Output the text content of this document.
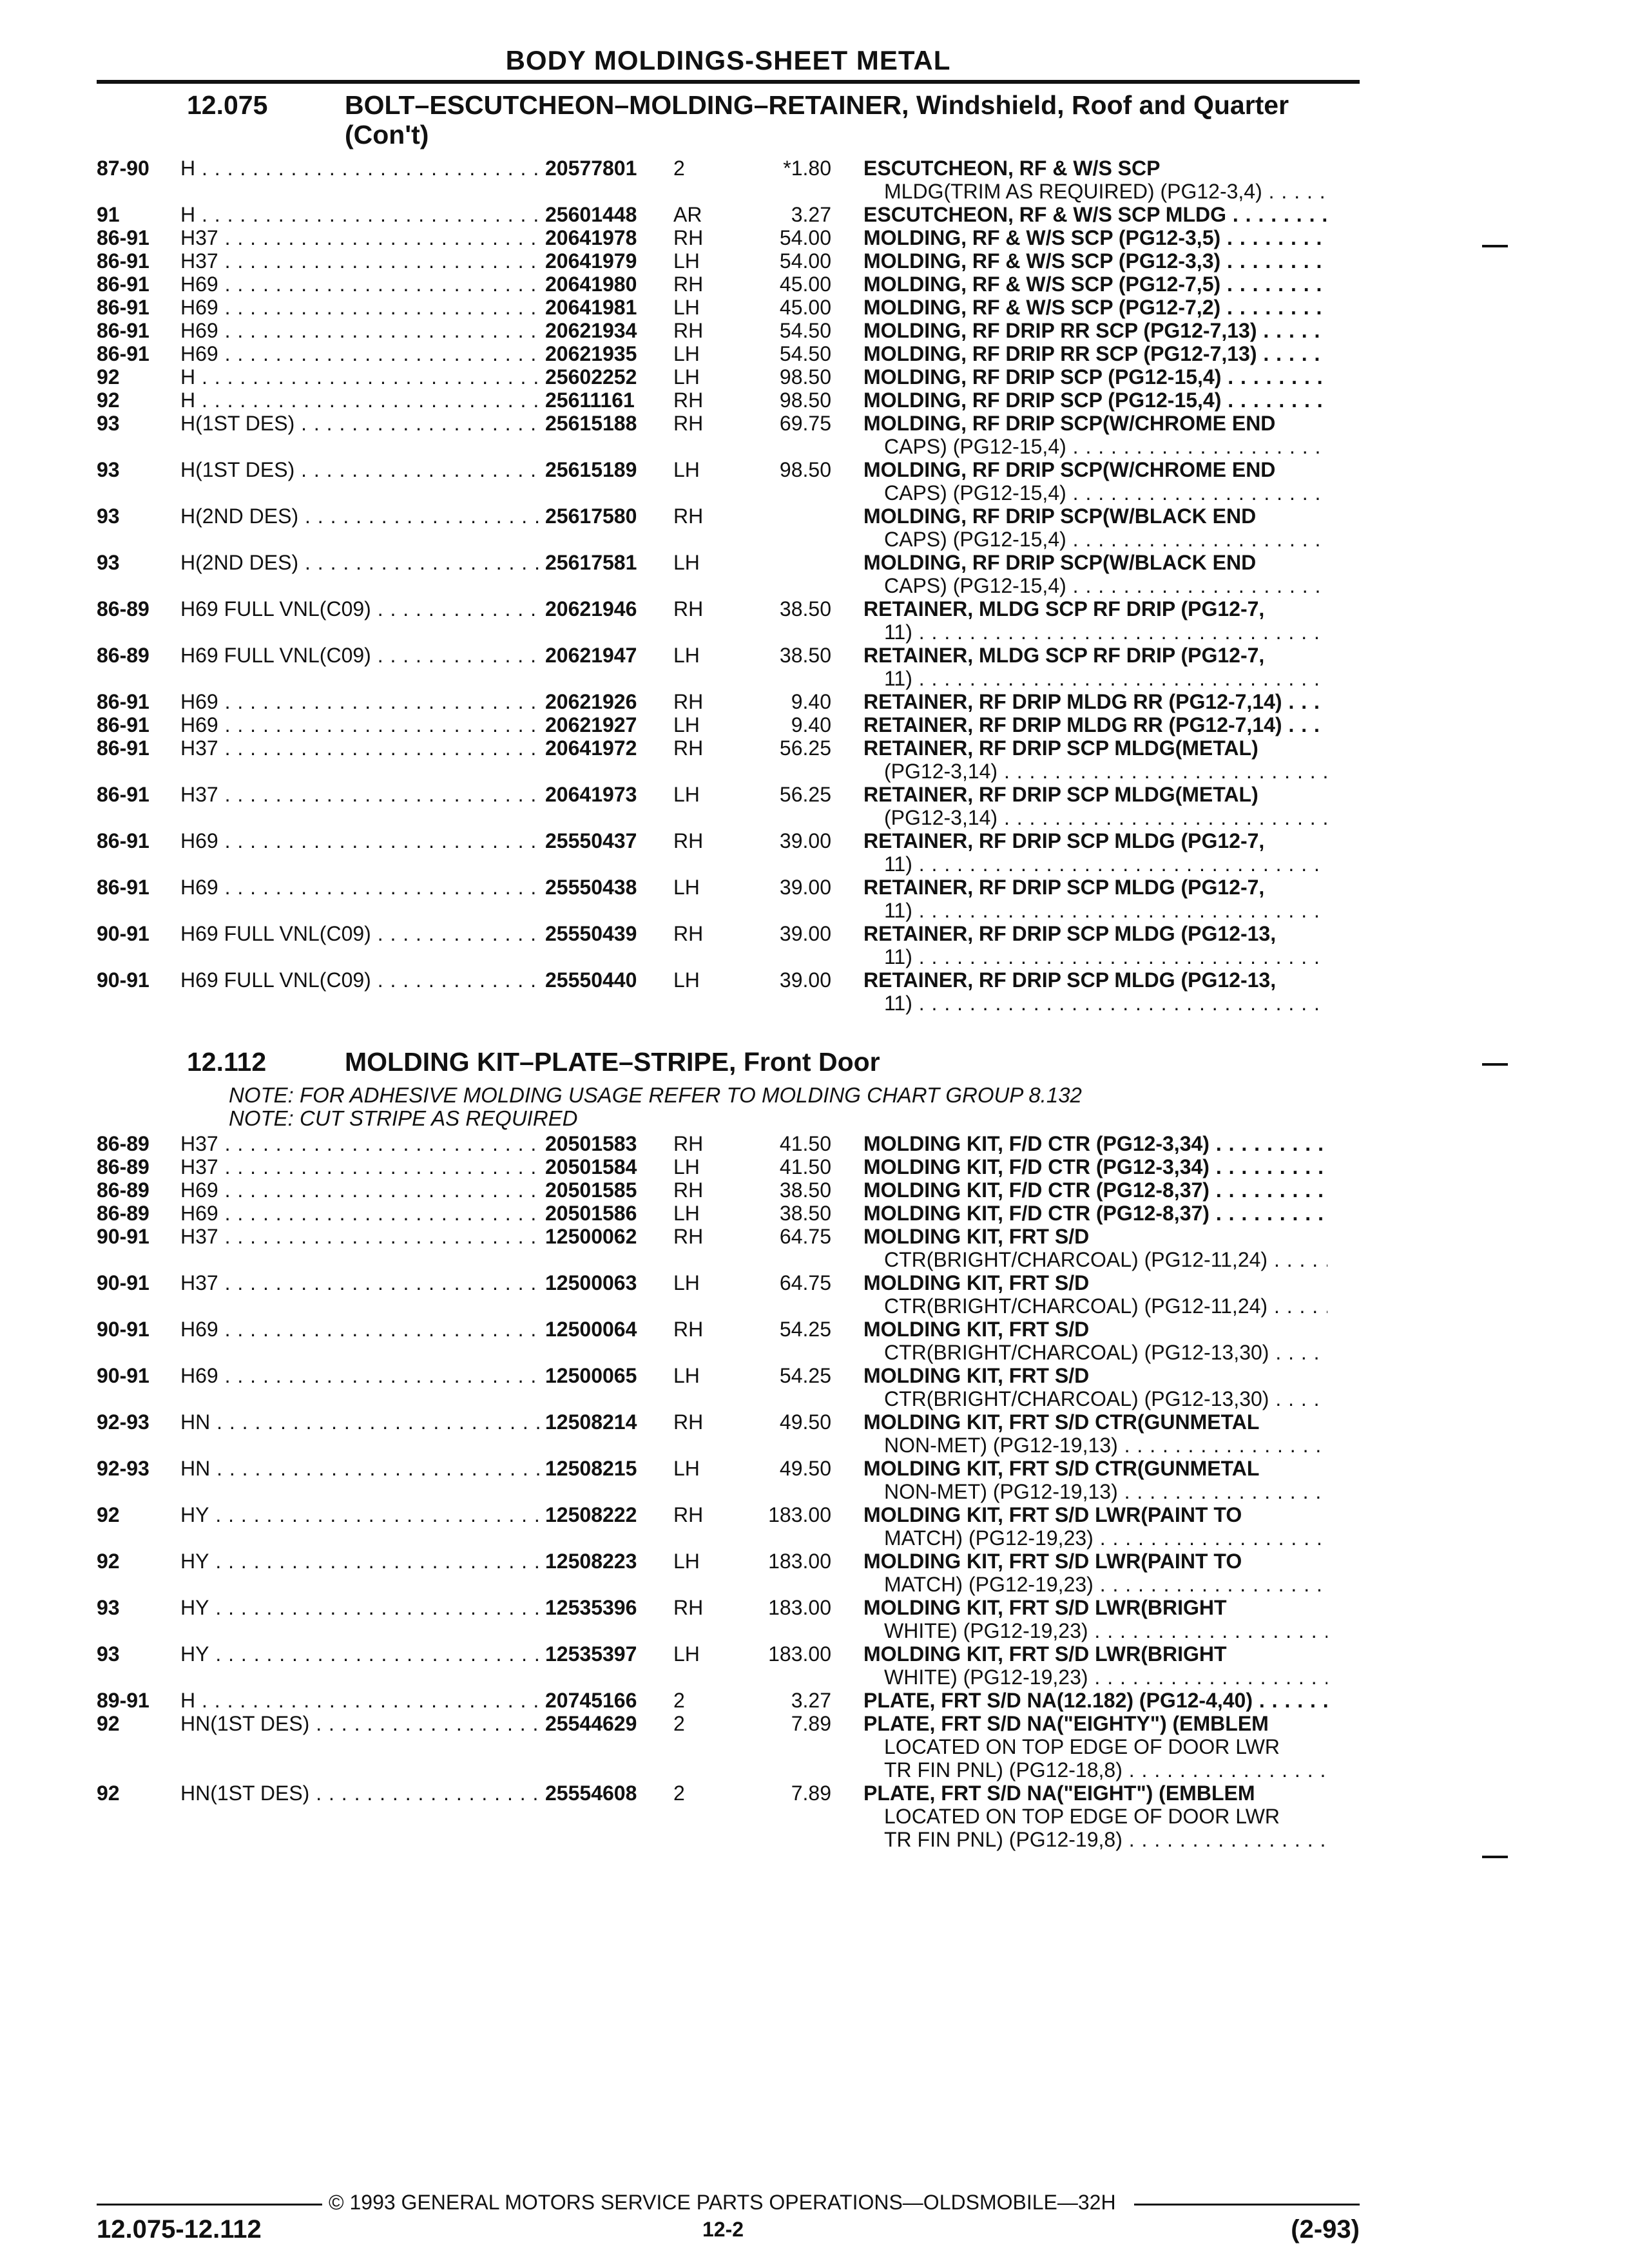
BODY MOLDINGS-SHEET METAL
12.075	BOLT–ESCUTCHEON–MOLDING–RETAINER, Windshield, Roof and Quarter (Con't)
87-90 H . . .	20577801	2	*1.80 ESCUTCHEON, RF & W/S SCP
MLDG(TRIM AS REQUIRED) (PG12-3,4) . . .
91	H . . .	25601448	AR	3.27 ESCUTCHEON, RF & W/S SCP MLDG . . .
86-91 H37 . . .	20641978	RH	54.00 MOLDING, RF & W/S SCP (PG12-3,5) . . .
86-91 H37 . . .	20641979	LH	54.00 MOLDING, RF & W/S SCP (PG12-3,3) . . .
86-91 H69 . . .	20641980	RH	45.00 MOLDING, RF & W/S SCP (PG12-7,5) . . .
86-91 H69 . . .	20641981	LH	45.00 MOLDING, RF & W/S SCP (PG12-7,2) . . .
86-91 H69 . . .	20621934	RH	54.50 MOLDING, RF DRIP RR SCP (PG12-7,13) . . .
86-91 H69 . . .	20621935	LH	54.50 MOLDING, RF DRIP RR SCP (PG12-7,13) . . .
92	H . . .	25602252	LH	98.50 MOLDING, RF DRIP SCP (PG12-15,4) . . .
92	H . . .	25611161	RH	98.50 MOLDING, RF DRIP SCP (PG12-15,4) . . .
93	H(1ST DES) . . .	25615188	RH	69.75 MOLDING, RF DRIP SCP(W/CHROME END
CAPS) (PG12-15,4) . . .
93	H(1ST DES) . . .	25615189	LH	98.50 MOLDING, RF DRIP SCP(W/CHROME END
CAPS) (PG12-15,4) . . .
93	H(2ND DES) . . .	25617580	RH	MOLDING, RF DRIP SCP(W/BLACK END
CAPS) (PG12-15,4) . . .
93	H(2ND DES) . . .	25617581	LH	MOLDING, RF DRIP SCP(W/BLACK END
CAPS) (PG12-15,4) . . .
86-89 H69 FULL VNL(C09) . . .	20621946	RH	38.50 RETAINER, MLDG SCP RF DRIP (PG12-7,
11) . . .
86-89 H69 FULL VNL(C09) . . .	20621947	LH	38.50 RETAINER, MLDG SCP RF DRIP (PG12-7,
11) . . .
86-91 H69 . . .	20621926	RH	9.40 RETAINER, RF DRIP MLDG RR (PG12-7,14) . . .
86-91 H69 . . .	20621927	LH	9.40 RETAINER, RF DRIP MLDG RR (PG12-7,14) . . .
86-91 H37 . . .	20641972	RH	56.25 RETAINER, RF DRIP SCP MLDG(METAL)
(PG12-3,14) . . .
86-91 H37 . . .	20641973	LH	56.25 RETAINER, RF DRIP SCP MLDG(METAL)
(PG12-3,14) . . .
86-91 H69 . . .	25550437	RH	39.00 RETAINER, RF DRIP SCP MLDG (PG12-7,
11) . . .
86-91 H69 . . .	25550438	LH	39.00 RETAINER, RF DRIP SCP MLDG (PG12-7,
11) . . .
90-91 H69 FULL VNL(C09) . . .	25550439	RH	39.00 RETAINER, RF DRIP SCP MLDG (PG12-13,
11) . . .
90-91 H69 FULL VNL(C09) . . .	25550440	LH	39.00 RETAINER, RF DRIP SCP MLDG (PG12-13,
11) . . .
12.112	MOLDING KIT–PLATE–STRIPE, Front Door
NOTE: FOR ADHESIVE MOLDING USAGE REFER TO MOLDING CHART GROUP 8.132
NOTE: CUT STRIPE AS REQUIRED
86-89 H37 . . .	20501583	RH	41.50 MOLDING KIT, F/D CTR (PG12-3,34) . . .
86-89 H37 . . .	20501584	LH	41.50 MOLDING KIT, F/D CTR (PG12-3,34) . . .
86-89 H69 . . .	20501585	RH	38.50 MOLDING KIT, F/D CTR (PG12-8,37) . . .
86-89 H69 . . .	20501586	LH	38.50 MOLDING KIT, F/D CTR (PG12-8,37) . . .
90-91 H37 . . .	12500062	RH	64.75 MOLDING KIT, FRT S/D
CTR(BRIGHT/CHARCOAL) (PG12-11,24) . . .
90-91 H37 . . .	12500063	LH	64.75 MOLDING KIT, FRT S/D
CTR(BRIGHT/CHARCOAL) (PG12-11,24) . . .
90-91 H69 . . .	12500064	RH	54.25 MOLDING KIT, FRT S/D
CTR(BRIGHT/CHARCOAL) (PG12-13,30) . . .
90-91 H69 . . .	12500065	LH	54.25 MOLDING KIT, FRT S/D
CTR(BRIGHT/CHARCOAL) (PG12-13,30) . . .
92-93 HN . . .	12508214	RH	49.50 MOLDING KIT, FRT S/D CTR(GUNMETAL
NON-MET) (PG12-19,13) . . .
92-93 HN . . .	12508215	LH	49.50 MOLDING KIT, FRT S/D CTR(GUNMETAL
NON-MET) (PG12-19,13) . . .
92	HY . . .	12508222	RH	183.00 MOLDING KIT, FRT S/D LWR(PAINT TO
MATCH) (PG12-19,23) . . .
92	HY . . .	12508223	LH	183.00 MOLDING KIT, FRT S/D LWR(PAINT TO
MATCH) (PG12-19,23) . . .
93	HY . . .	12535396	RH	183.00 MOLDING KIT, FRT S/D LWR(BRIGHT
WHITE) (PG12-19,23) . . .
93	HY . . .	12535397	LH	183.00 MOLDING KIT, FRT S/D LWR(BRIGHT
WHITE) (PG12-19,23) . . .
89-91 H . . .	20745166	2	3.27 PLATE, FRT S/D NA(12.182) (PG12-4,40) . . .
92	HN(1ST DES) . . .	25544629	2	7.89 PLATE, FRT S/D NA("EIGHTY") (EMBLEM
LOCATED ON TOP EDGE OF DOOR LWR
TR FIN PNL) (PG12-18,8) . . .
92	HN(1ST DES) . . .	25554608	2	7.89 PLATE, FRT S/D NA("EIGHT") (EMBLEM
LOCATED ON TOP EDGE OF DOOR LWR
TR FIN PNL) (PG12-19,8) . . .
© 1993 GENERAL MOTORS SERVICE PARTS OPERATIONS—OLDSMOBILE—32H
12.075-12.112	12-2	(2-93)
